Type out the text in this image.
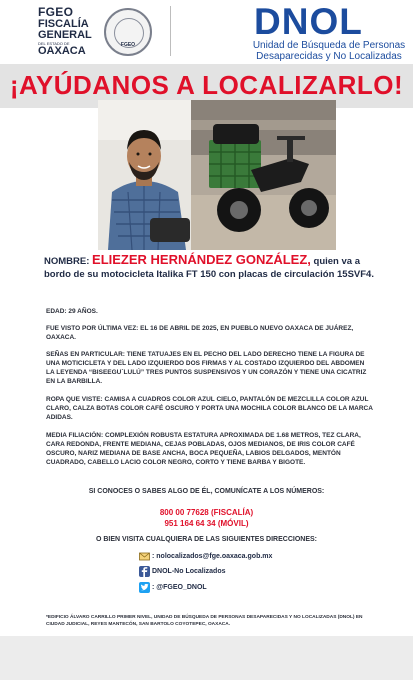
FGEO
FISCALÍA
GENERAL
DEL ESTADO DE
OAXACA	FGEO
DNOL
Unidad de Búsqueda de Personas
Desaparecidas y No Localizadas
¡AYÚDANOS A LOCALIZARLO!
NOMBRE: ELIEZER HERNÁNDEZ GONZÁLEZ, quien va a bordo de su motocicleta Italika FT 150 con placas de circulación 15SVF4.
EDAD: 29 AÑOS.
FUE VISTO POR ÚLTIMA VEZ: EL 16 DE ABRIL DE 2025, EN PUEBLO NUEVO OAXACA DE JUÁREZ, OAXACA.
SEÑAS EN PARTICULAR: TIENE TATUAJES EN EL PECHO DEL LADO DERECHO TIENE LA FIGURA DE UNA MOTICICLETA Y DEL LADO IZQUIERDO DOS FIRMAS Y AL COSTADO IZQUIERDO DEL ABDOMEN LA LEYENDA “BISEEGU`LULÚ” TRES PUNTOS SUSPENSIVOS Y UN CORAZÓN Y TIENE UNA CICATRIZ EN LA BARBILLA.
ROPA QUE VISTE: CAMISA A CUADROS COLOR AZUL CIELO, PANTALÓN DE MEZCLILLA COLOR AZUL CLARO, CALZA BOTAS COLOR CAFÉ OSCURO Y PORTA UNA MOCHILA COLOR BLANCO DE LA MARCA ADIDAS.
MEDIA FILIACIÓN: COMPLEXIÓN ROBUSTA ESTATURA APROXIMADA DE 1.68 METROS, TEZ CLARA, CARA REDONDA, FRENTE MEDIANA, CEJAS POBLADAS, OJOS MEDIANOS, DE IRIS COLOR CAFÉ OSCURO, NARIZ MEDIANA DE BASE ANCHA, BOCA PEQUEÑA, LABIOS DELGADOS, MENTÓN CUADRADO, CABELLO LACIO COLOR NEGRO, CORTO Y TIENE BARBA Y BIGOTE.
SI CONOCES O SABES ALGO DE ÉL, COMUNÍCATE A LOS NÚMEROS:
800 00 77628 (FISCALÍA)
951 164 64 34 (MÓVIL)
O BIEN VISITA CUALQUIERA DE LAS SIGUIENTES DIRECCIONES:
: nolocalizados@fge.oaxaca.gob.mx
DNOL-No Localizados
: @FGEO_DNOL
*EDIFICIO ÁLVARO CARRILLO PRIMER NIVEL, UNIDAD DE BÚSQUEDA DE PERSONAS DESAPARECIDAS Y NO LOCALIZADAS (DNOL) EN CIUDAD JUDICIAL, REYES MANTECÓN, SAN BARTOLO COYOTEPEC, OAXACA.
